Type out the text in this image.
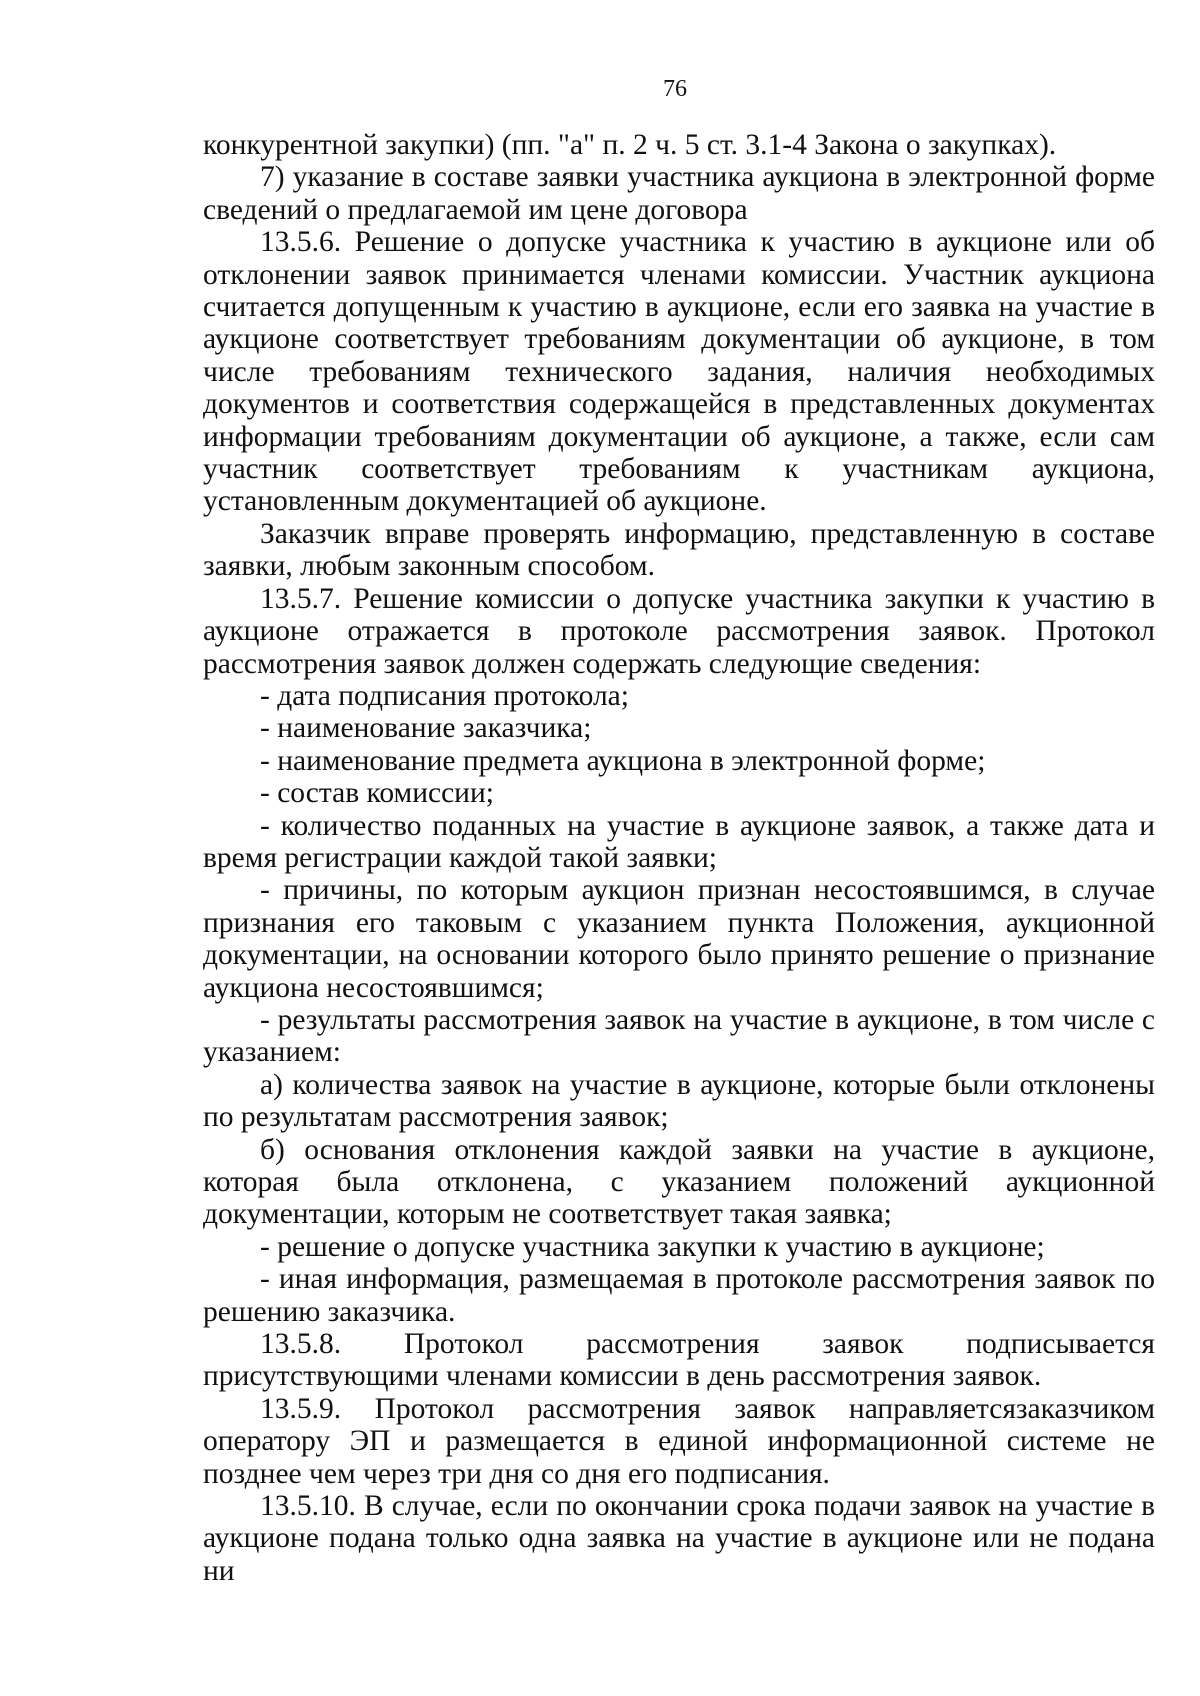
76

конкурентной закупки) (пп. "а" п. 2 ч. 5 ст. 3.1-4 Закона о закупках).

7) указание в составе заявки участника аукциона в электронной форме сведений о предлагаемой им цене договора

13.5.6. Решение о допуске участника к участию в аукционе или об отклонении заявок принимается членами комиссии. Участник аукциона считается допущенным к участию в аукционе, если его заявка на участие в аукционе соответствует требованиям документации об аукционе, в том числе требованиям технического задания, наличия необходимых документов и соответствия содержащейся в представленных документах информации требованиям документации об аукционе, а также, если сам участник соответствует требованиям к участникам аукциона, установленным документацией об аукционе.

Заказчик вправе проверять информацию, представленную в составе заявки, любым законным способом.

13.5.7. Решение комиссии о допуске участника закупки к участию в аукционе отражается в протоколе рассмотрения заявок. Протокол рассмотрения заявок должен содержать следующие сведения:

- дата подписания протокола;

- наименование заказчика;

- наименование предмета аукциона в электронной форме;

- состав комиссии;

- количество поданных на участие в аукционе заявок, а также дата и время регистрации каждой такой заявки;

- причины, по которым аукцион признан несостоявшимся, в случае признания его таковым с указанием пункта Положения, аукционной документации, на основании которого было принято решение о признание аукциона несостоявшимся;

- результаты рассмотрения заявок на участие в аукционе, в том числе с указанием:

а) количества заявок на участие в аукционе, которые были отклонены по результатам рассмотрения заявок;

б) основания отклонения каждой заявки на участие в аукционе, которая была отклонена, с указанием положений аукционной документации, которым не соответствует такая заявка;

- решение о допуске участника закупки к участию в аукционе;

- иная информация, размещаемая в протоколе рассмотрения заявок по решению заказчика.

13.5.8. Протокол рассмотрения заявок подписывается присутствующими членами комиссии в день рассмотрения заявок.

13.5.9. Протокол рассмотрения заявок направляетсязаказчиком оператору ЭП и размещается в единой информационной системе не позднее чем через три дня со дня его подписания.

13.5.10. В случае, если по окончании срока подачи заявок на участие в аукционе подана только одна заявка на участие в аукционе или не подана ни
